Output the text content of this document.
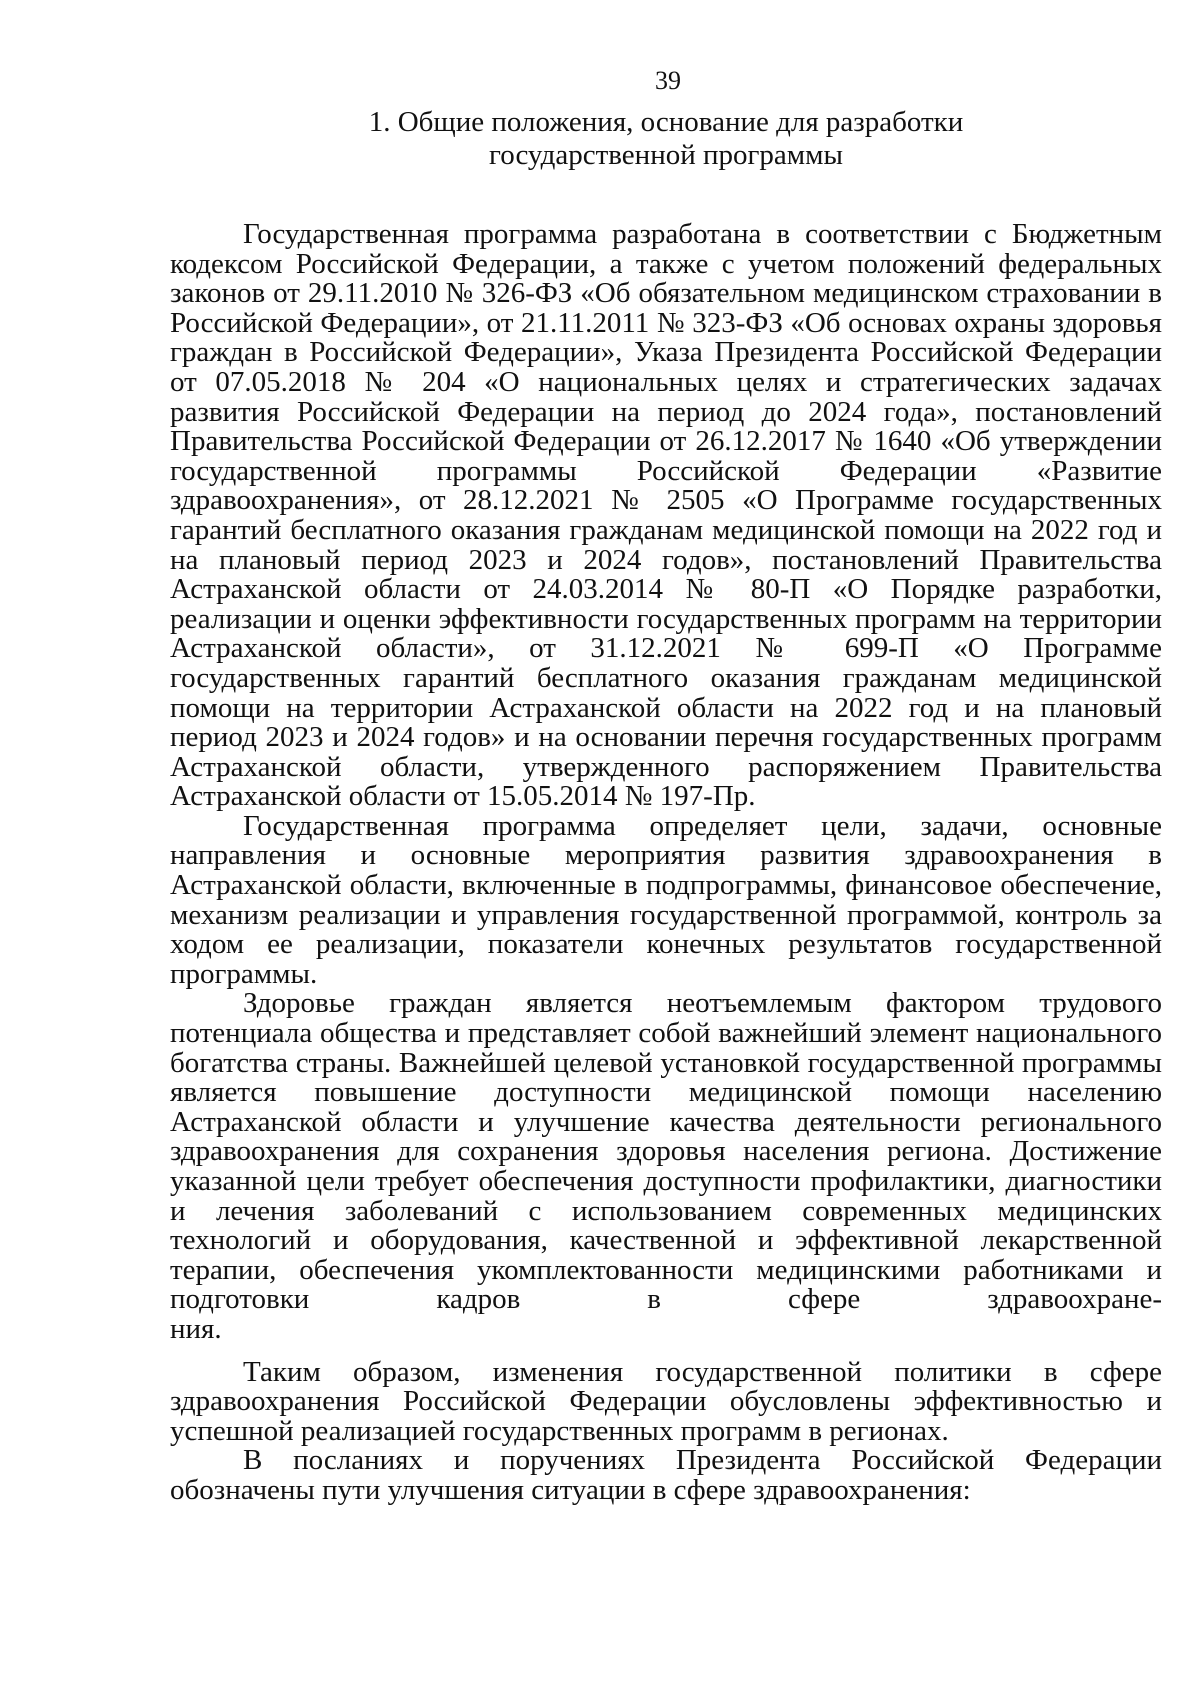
39
1. Общие положения, основание для разработки
государственной программы

Государственная программа разработана в соответствии с Бюджетным кодексом Российской Федерации, а также с учетом положений федеральных законов от 29.11.2010 № 326-ФЗ «Об обязательном медицинском страховании в Российской Федерации», от 21.11.2011 № 323-ФЗ «Об основах охраны здоровья граждан в Российской Федерации», Указа Президента Российской Федерации от 07.05.2018 № 204 «О национальных целях и стратегических задачах развития Российской Федерации на период до 2024 года», постановлений Правительства Российской Федерации от 26.12.2017 № 1640 «Об утверждении государственной программы Российской Федерации «Развитие здравоохранения», от 28.12.2021 № 2505 «О Программе государственных гарантий бесплатного оказания гражданам медицинской помощи на 2022 год и на плановый период 2023 и 2024 годов», постановлений Правительства Астраханской области от 24.03.2014 № 80-П «О Порядке разработки, реализации и оценки эффективности государственных программ на территории Астраханской области», от 31.12.2021 № 699-П «О Программе государственных гарантий бесплатного оказания гражданам медицинской помощи на территории Астраханской области на 2022 год и на плановый период 2023 и 2024 годов» и на основании перечня государственных программ Астраханской области, утвержденного распоряжением Правительства Астраханской области от 15.05.2014 № 197-Пр.

Государственная программа определяет цели, задачи, основные направления и основные мероприятия развития здравоохранения в Астраханской области, включенные в подпрограммы, финансовое обеспечение, механизм реализации и управления государственной программой, контроль за ходом ее реализации, показатели конечных результатов государственной программы.

Здоровье граждан является неотъемлемым фактором трудового потенциала общества и представляет собой важнейший элемент национального богатства страны. Важнейшей целевой установкой государственной программы является повышение доступности медицинской помощи населению Астраханской области и улучшение качества деятельности регионального здравоохранения для сохранения здоровья населения региона. Достижение указанной цели требует обеспечения доступности профилактики, диагностики и лечения заболеваний с использованием современных медицинских технологий и оборудования, качественной и эффективной лекарственной терапии, обеспечения укомплектованности медицинскими работниками и подготовки кадров в сфере здравоохране-

ния.

Таким образом, изменения государственной политики в сфере здравоохранения Российской Федерации обусловлены эффективностью и успешной реализацией государственных программ в регионах.

В посланиях и поручениях Президента Российской Федерации обозначены пути улучшения ситуации в сфере здравоохранения:
